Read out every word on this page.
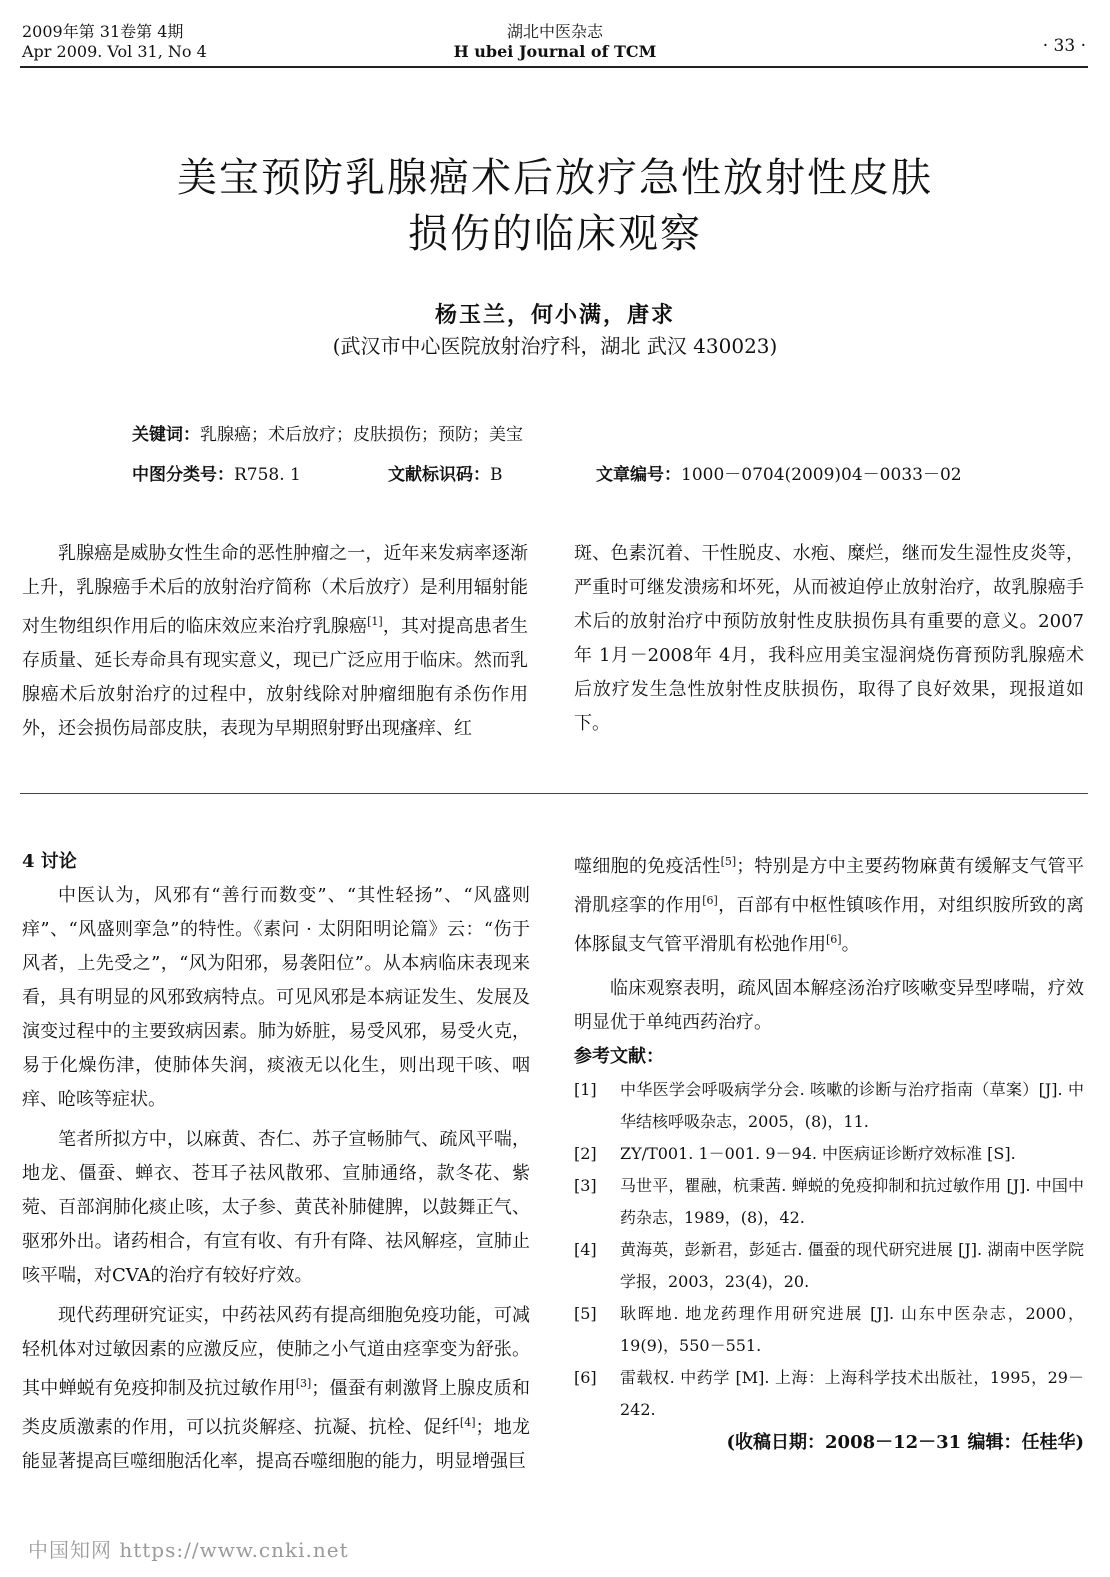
2009年第 31卷第 4期
Apr 2009. Vol 31, No 4
湖北中医杂志
H ubei Journal of TCM	· 33 ·
美宝预防乳腺癌术后放疗急性放射性皮肤
损伤的临床观察
杨玉兰，何小满，唐求
(武汉市中心医院放射治疗科，湖北 武汉 430023)
关键词：乳腺癌；术后放疗；皮肤损伤；预防；美宝
中图分类号：R758. 1	文献标识码：B	文章编号：1000－0704(2009)04－0033－02

乳腺癌是威胁女性生命的恶性肿瘤之一，近年来发病率逐渐上升，乳腺癌手术后的放射治疗简称（术后放疗）是利用辐射能对生物组织作用后的临床效应来治疗乳腺癌[1]，其对提高患者生存质量、延长寿命具有现实意义，现已广泛应用于临床。然而乳腺癌术后放射治疗的过程中，放射线除对肿瘤细胞有杀伤作用外，还会损伤局部皮肤，表现为早期照射野出现瘙痒、红

斑、色素沉着、干性脱皮、水疱、糜烂，继而发生湿性皮炎等，严重时可继发溃疡和坏死，从而被迫停止放射治疗，故乳腺癌手术后的放射治疗中预防放射性皮肤损伤具有重要的意义。2007年 1月－2008年 4月，我科应用美宝湿润烧伤膏预防乳腺癌术后放疗发生急性放射性皮肤损伤，取得了良好效果，现报道如下。

4 讨论

中医认为，风邪有“善行而数变”、“其性轻扬”、“风盛则痒”、“风盛则挛急”的特性。《素问 · 太阴阳明论篇》云：“伤于风者，上先受之”，“风为阳邪，易袭阳位”。从本病临床表现来看，具有明显的风邪致病特点。可见风邪是本病证发生、发展及演变过程中的主要致病因素。肺为娇脏，易受风邪，易受火克，易于化燥伤津，使肺体失润，痰液无以化生，则出现干咳、咽痒、呛咳等症状。

笔者所拟方中，以麻黄、杏仁、苏子宣畅肺气、疏风平喘，地龙、僵蚕、蝉衣、苍耳子祛风散邪、宣肺通络，款冬花、紫菀、百部润肺化痰止咳，太子参、黄芪补肺健脾，以鼓舞正气、驱邪外出。诸药相合，有宣有收、有升有降、祛风解痉，宣肺止咳平喘，对CVA的治疗有较好疗效。

现代药理研究证实，中药祛风药有提高细胞免疫功能，可减轻机体对过敏因素的应激反应，使肺之小气道由痉挛变为舒张。其中蝉蜕有免疫抑制及抗过敏作用[3]；僵蚕有刺激肾上腺皮质和类皮质激素的作用，可以抗炎解痉、抗凝、抗栓、促纤[4]；地龙能显著提高巨噬细胞活化率，提高吞噬细胞的能力，明显增强巨

噬细胞的免疫活性[5]；特别是方中主要药物麻黄有缓解支气管平滑肌痉挛的作用[6]，百部有中枢性镇咳作用，对组织胺所致的离体豚鼠支气管平滑肌有松弛作用[6]。

临床观察表明，疏风固本解痉汤治疗咳嗽变异型哮喘，疗效明显优于单纯西药治疗。

参考文献：

[1]	中华医学会呼吸病学分会. 咳嗽的诊断与治疗指南（草案）[J]. 中华结核呼吸杂志，2005，(8)，11.
[2]	ZY/T001. 1－001. 9－94. 中医病证诊断疗效标准 [S].
[3]	马世平，瞿融，杭秉茜. 蝉蜕的免疫抑制和抗过敏作用 [J]. 中国中药杂志，1989，(8)，42.
[4]	黄海英，彭新君，彭延古. 僵蚕的现代研究进展 [J]. 湖南中医学院学报，2003，23(4)，20.
[5]	耿晖地. 地龙药理作用研究进展 [J]. 山东中医杂志，2000，19(9)，550－551.
[6]	雷载权. 中药学 [M]. 上海：上海科学技术出版社，1995，29－242.

(收稿日期：2008－12－31 编辑：任桂华)

中国知网 https://www.cnki.net
